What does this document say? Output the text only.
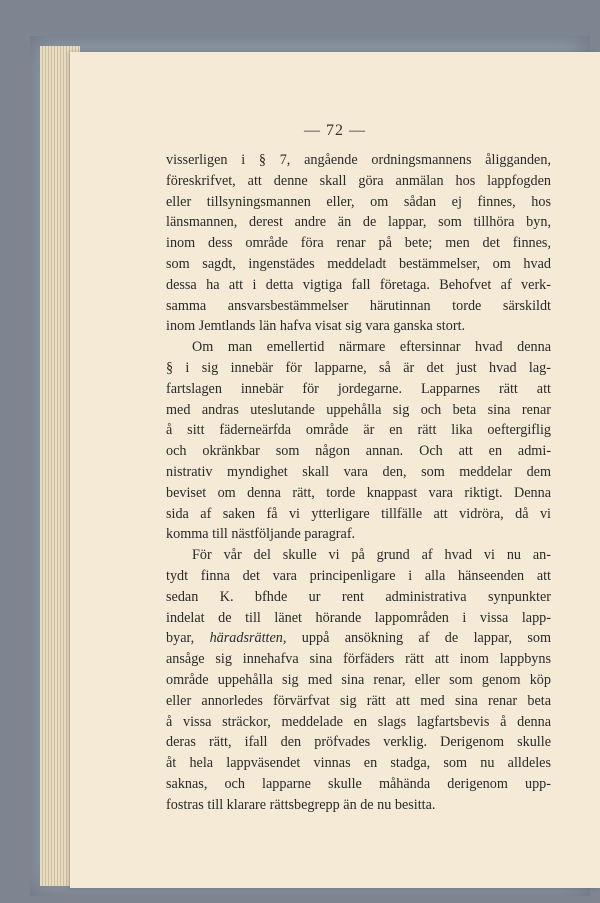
— 72 —
visserligen i § 7, angående ordningsmannens åligganden,
föreskrifvet, att denne skall göra anmälan hos lappfogden
eller tillsyningsmannen eller, om sådan ej finnes, hos
länsmannen, derest andre än de lappar, som tillhöra byn,
inom dess område föra renar på bete; men det finnes,
som sagdt, ingenstädes meddeladt bestämmelser, om hvad
dessa ha att i detta vigtiga fall företaga. Behofvet af verk-
samma ansvarsbestämmelser härutinnan torde särskildt
inom Jemtlands län hafva visat sig vara ganska stort.
Om man emellertid närmare eftersinnar hvad denna
§ i sig innebär för lapparne, så är det just hvad lag-
fartslagen innebär för jordegarne. Lapparnes rätt att
med andras uteslutande uppehålla sig och beta sina renar
å sitt fäderneärfda område är en rätt lika oeftergiflig
och okränkbar som någon annan. Och att en admi-
nistrativ myndighet skall vara den, som meddelar dem
beviset om denna rätt, torde knappast vara riktigt. Denna
sida af saken få vi ytterligare tillfälle att vidröra, då vi
komma till nästföljande paragraf.
För vår del skulle vi på grund af hvad vi nu an-
tydt finna det vara principenligare i alla hänseenden att
sedan K. bfhde ur rent administrativa synpunkter
indelat de till länet hörande lappområden i vissa lapp-
byar, häradsrätten, uppå ansökning af de lappar, som
ansåge sig innehafva sina förfäders rätt att inom lappbyns
område uppehålla sig med sina renar, eller som genom köp
eller annorledes förvärfvat sig rätt att med sina renar beta
å vissa sträckor, meddelade en slags lagfartsbevis å denna
deras rätt, ifall den pröfvades verklig. Derigenom skulle
åt hela lappväsendet vinnas en stadga, som nu alldeles
saknas, och lapparne skulle måhända derigenom upp-
fostras till klarare rättsbegrepp än de nu besitta.
